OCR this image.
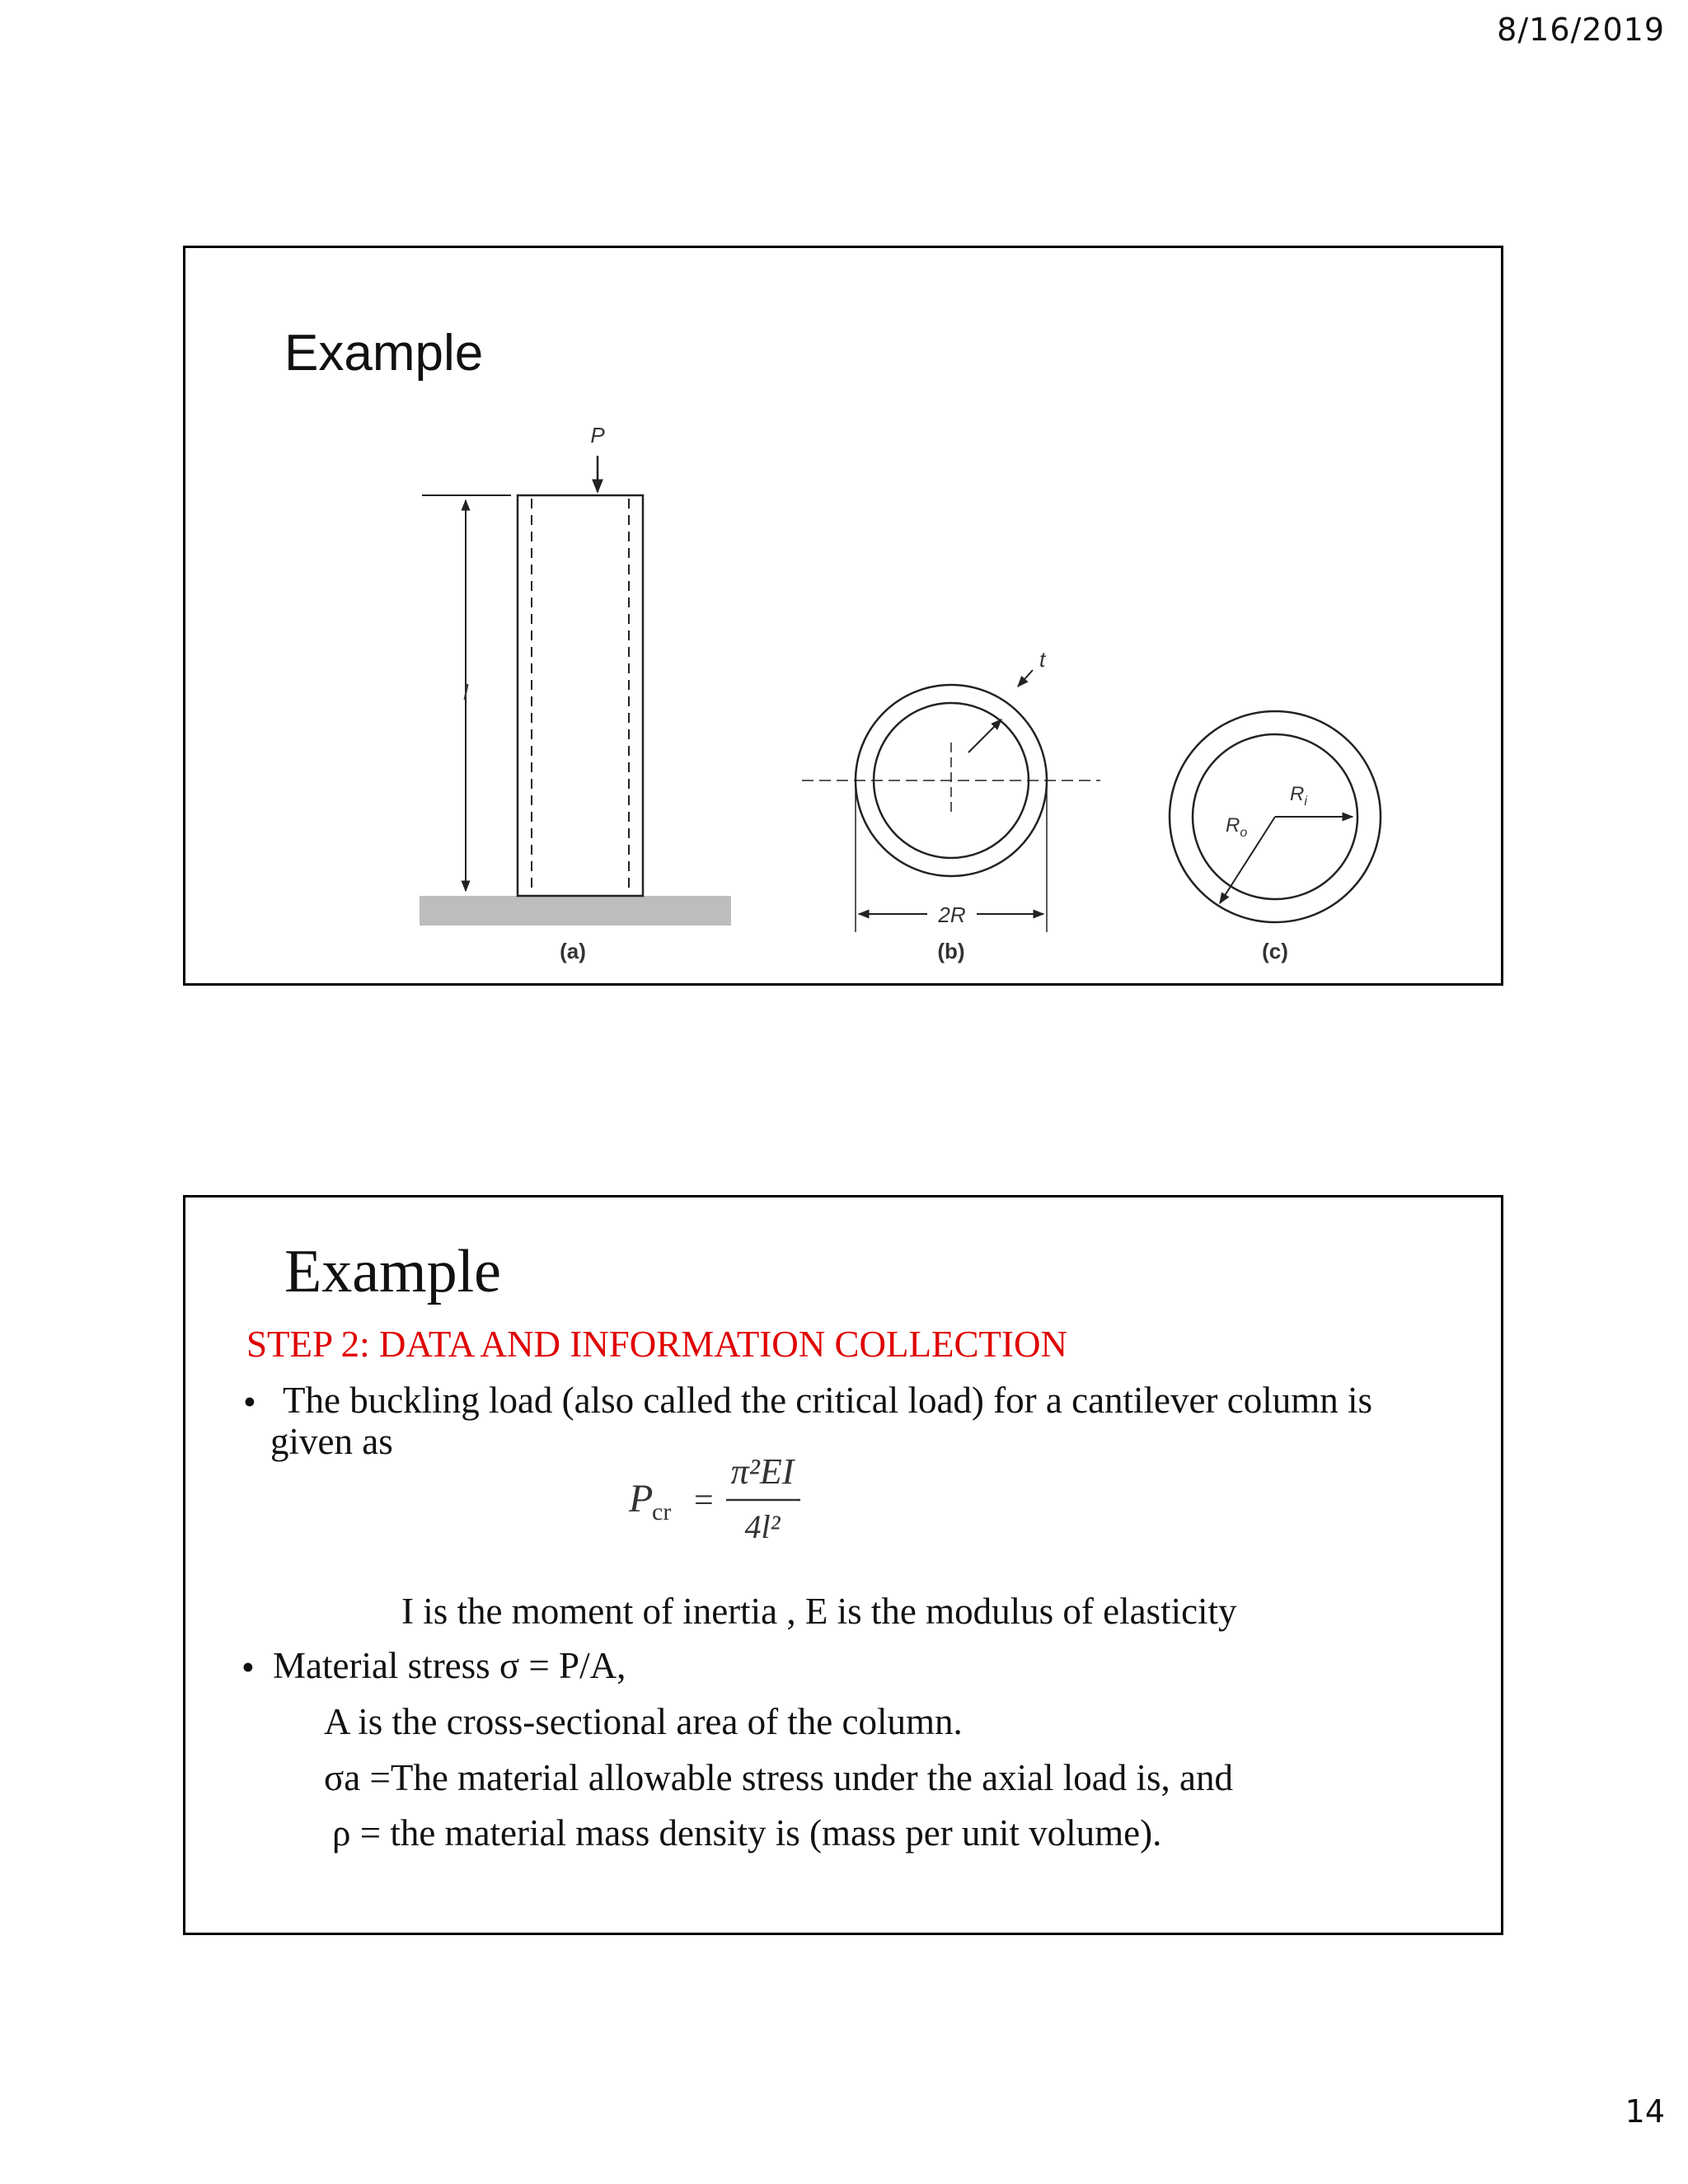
8/16/2019
Example
P
l
(a)
t
2R
(b)
$R_i$
$R_o$
(c)
Example
STEP 2: DATA AND INFORMATION COLLECTION
• The buckling load (also called the critical load) for a cantilever column is
given as
P
cr =
π²EI
4l²
I is the moment of inertia , E is the modulus of elasticity
• Material stress σ = P/A,
A is the cross-sectional area of the column.
σa =The material allowable stress under the axial load is, and
ρ = the material mass density is (mass per unit volume).
14
